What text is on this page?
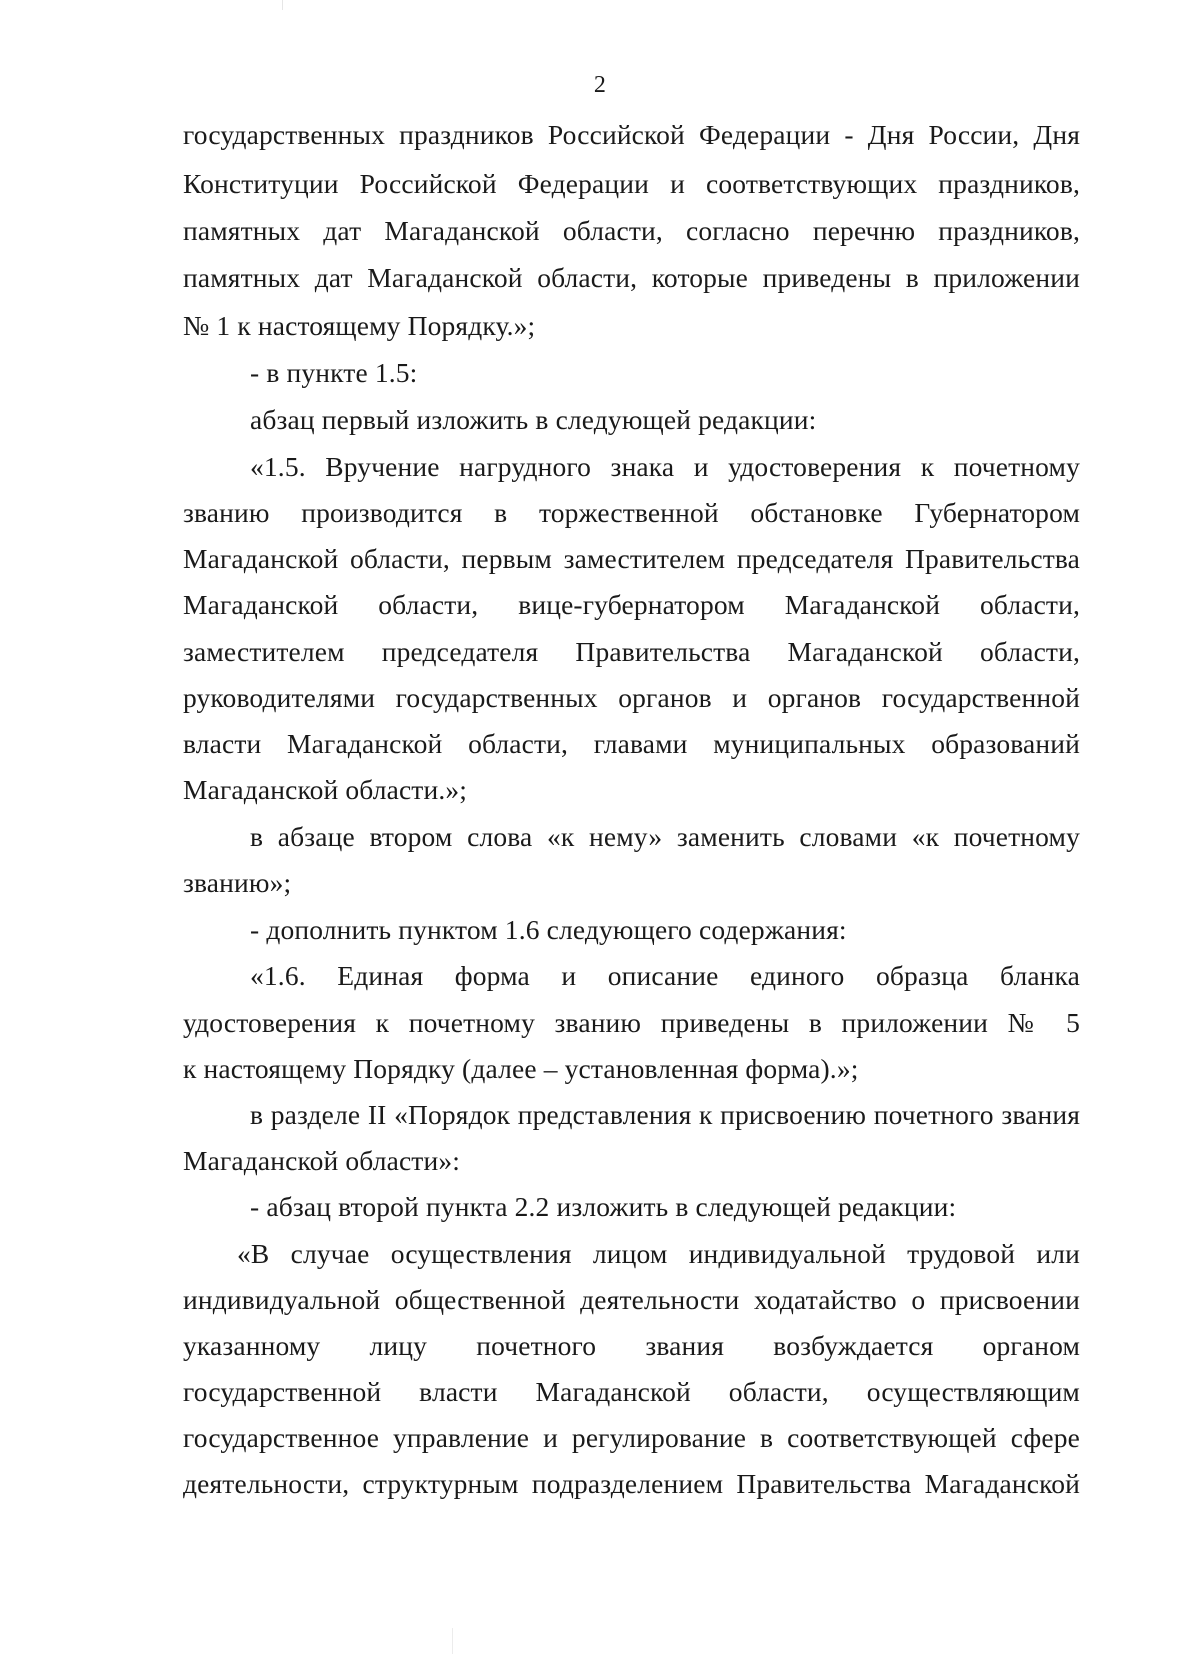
2
государственных праздников Российской Федерации - Дня России, Дня
Конституции Российской Федерации и соответствующих праздников,
памятных дат Магаданской области, согласно перечню праздников,
памятных дат Магаданской области, которые приведены в приложении
№ 1 к настоящему Порядку.»;
- в пункте 1.5:
абзац первый изложить в следующей редакции:
«1.5. Вручение нагрудного знака и удостоверения к почетному
званию производится в торжественной обстановке Губернатором
Магаданской области, первым заместителем председателя Правительства
Магаданской области, вице-губернатором Магаданской области,
заместителем председателя Правительства Магаданской области,
руководителями государственных органов и органов государственной
власти Магаданской области, главами муниципальных образований
Магаданской области.»;
в абзаце втором слова «к нему» заменить словами «к почетному
званию»;
- дополнить пунктом 1.6 следующего содержания:
«1.6. Единая форма и описание единого образца бланка
удостоверения к почетному званию приведены в приложении № 5
к настоящему Порядку (далее – установленная форма).»;
в разделе II «Порядок представления к присвоению почетного звания
Магаданской области»:
- абзац второй пункта 2.2 изложить в следующей редакции:
«В случае осуществления лицом индивидуальной трудовой или
индивидуальной общественной деятельности ходатайство о присвоении
указанному лицу почетного звания возбуждается органом
государственной власти Магаданской области, осуществляющим
государственное управление и регулирование в соответствующей сфере
деятельности, структурным подразделением Правительства Магаданской
